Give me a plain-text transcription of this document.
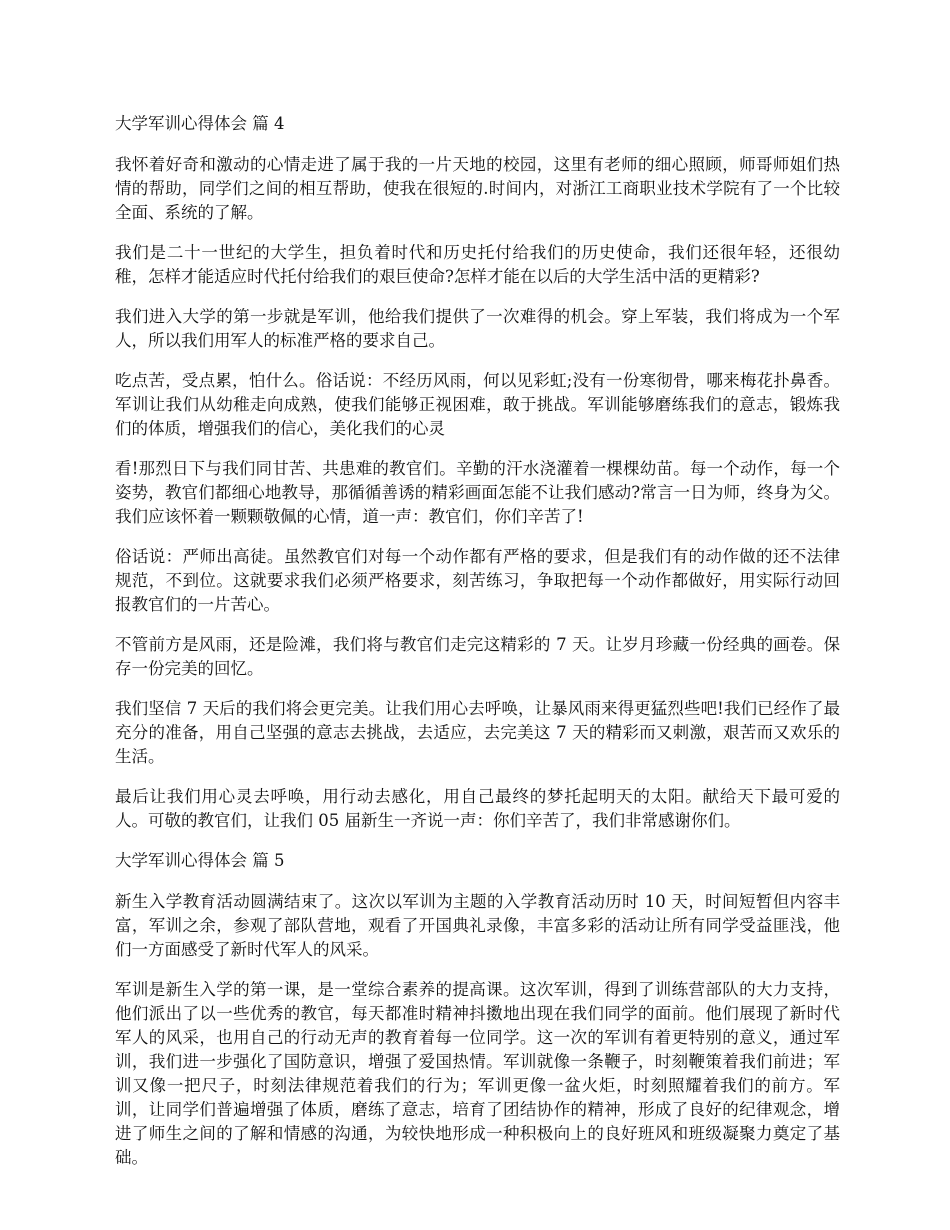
大学军训心得体会 篇 4

我怀着好奇和激动的心情走进了属于我的一片天地的校园，这里有老师的细心照顾，师哥师姐们热情的帮助，同学们之间的相互帮助，使我在很短的.时间内，对浙江工商职业技术学院有了一个比较全面、系统的了解。

我们是二十一世纪的大学生，担负着时代和历史托付给我们的历史使命，我们还很年轻，还很幼稚，怎样才能适应时代托付给我们的艰巨使命?怎样才能在以后的大学生活中活的更精彩?

我们进入大学的第一步就是军训，他给我们提供了一次难得的机会。穿上军装，我们将成为一个军人，所以我们用军人的标准严格的要求自己。

吃点苦，受点累，怕什么。俗话说：不经历风雨，何以见彩虹;没有一份寒彻骨，哪来梅花扑鼻香。军训让我们从幼稚走向成熟，使我们能够正视困难，敢于挑战。军训能够磨练我们的意志，锻炼我们的体质，增强我们的信心，美化我们的心灵

看!那烈日下与我们同甘苦、共患难的教官们。辛勤的汗水浇灌着一棵棵幼苗。每一个动作，每一个姿势，教官们都细心地教导，那循循善诱的精彩画面怎能不让我们感动?常言一日为师，终身为父。我们应该怀着一颗颗敬佩的心情，道一声：教官们，你们辛苦了!

俗话说：严师出高徒。虽然教官们对每一个动作都有严格的要求，但是我们有的动作做的还不法律规范，不到位。这就要求我们必须严格要求，刻苦练习，争取把每一个动作都做好，用实际行动回报教官们的一片苦心。

不管前方是风雨，还是险滩，我们将与教官们走完这精彩的 7 天。让岁月珍藏一份经典的画卷。保存一份完美的回忆。

我们坚信 7 天后的我们将会更完美。让我们用心去呼唤，让暴风雨来得更猛烈些吧!我们已经作了最充分的准备，用自己坚强的意志去挑战，去适应，去完美这 7 天的精彩而又刺激，艰苦而又欢乐的生活。

最后让我们用心灵去呼唤，用行动去感化，用自己最终的梦托起明天的太阳。献给天下最可爱的人。可敬的教官们，让我们 05 届新生一齐说一声：你们辛苦了，我们非常感谢你们。

大学军训心得体会 篇 5

新生入学教育活动圆满结束了。这次以军训为主题的入学教育活动历时 10 天，时间短暂但内容丰富，军训之余，参观了部队营地，观看了开国典礼录像，丰富多彩的活动让所有同学受益匪浅，他们一方面感受了新时代军人的风采。

军训是新生入学的第一课，是一堂综合素养的提高课。这次军训，得到了训练营部队的大力支持，他们派出了以一些优秀的教官，每天都准时精神抖擞地出现在我们同学的面前。他们展现了新时代军人的风采，也用自己的行动无声的教育着每一位同学。这一次的军训有着更特别的意义，通过军训，我们进一步强化了国防意识，增强了爱国热情。军训就像一条鞭子，时刻鞭策着我们前进；军训又像一把尺子，时刻法律规范着我们的行为；军训更像一盆火炬，时刻照耀着我们的前方。军训，让同学们普遍增强了体质，磨练了意志，培育了团结协作的精神，形成了良好的纪律观念，增进了师生之间的了解和情感的沟通，为较快地形成一种积极向上的良好班风和班级凝聚力奠定了基础。
